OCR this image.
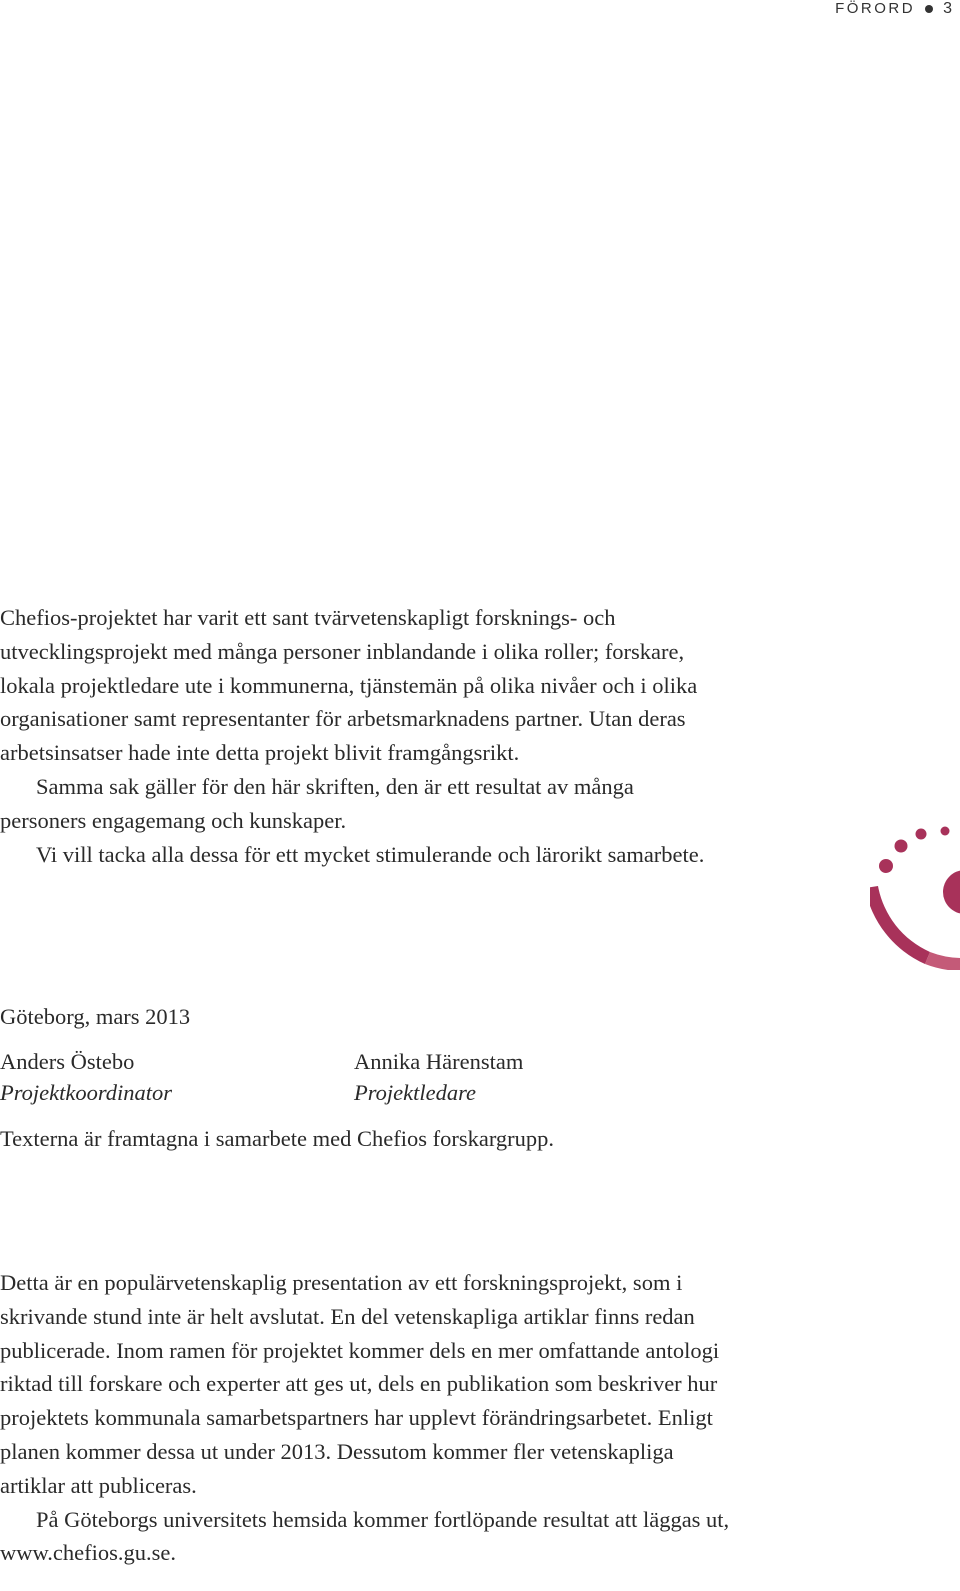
FÖRORD 3

Chefios-projektet har varit ett sant tvärvetenskapligt forsknings- och utvecklingsprojekt med många personer inblandande i olika roller; forskare, lokala projektledare ute i kommunerna, tjänstemän på olika nivåer och i olika organisationer samt representanter för arbetsmarknadens partner. Utan deras arbetsinsatser hade inte detta projekt blivit framgångsrikt.

Samma sak gäller för den här skriften, den är ett resultat av många personers engagemang och kunskaper.

Vi vill tacka alla dessa för ett mycket stimulerande och lärorikt samarbete.

Göteborg, mars 2013

Anders Östebo
Projektkoordinator
Annika Härenstam
Projektledare

Texterna är framtagna i samarbete med Chefios forskargrupp.

Detta är en populärvetenskaplig presentation av ett forskningsprojekt, som i skrivande stund inte är helt avslutat. En del vetenskapliga artiklar finns redan publicerade. Inom ramen för projektet kommer dels en mer omfattande antologi riktad till forskare och experter att ges ut, dels en publikation som beskriver hur projektets kommunala samarbetspartners har upplevt förändringsarbetet. Enligt planen kommer dessa ut under 2013. Dessutom kommer fler vetenskapliga artiklar att publiceras.

På Göteborgs universitets hemsida kommer fortlöpande resultat att läggas ut, www.chefios.gu.se.
